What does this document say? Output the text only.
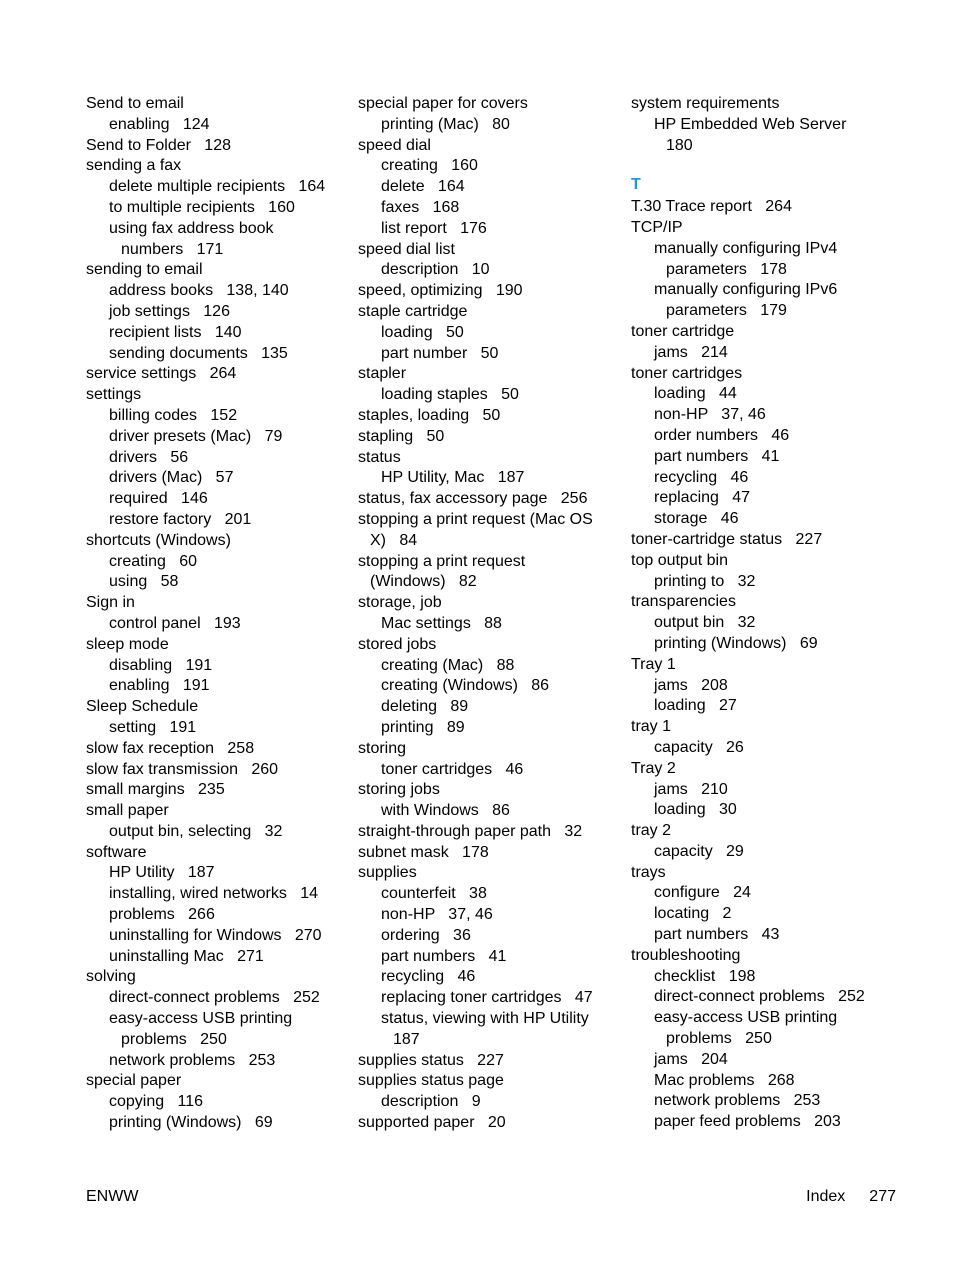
Send to email
enabling   124
Send to Folder   128
sending a fax
delete multiple recipients   164
to multiple recipients   160
using fax address book
numbers   171
sending to email
address books   138, 140
job settings   126
recipient lists   140
sending documents   135
service settings   264
settings
billing codes   152
driver presets (Mac)   79
drivers   56
drivers (Mac)   57
required   146
restore factory   201
shortcuts (Windows)
creating   60
using   58
Sign in
control panel   193
sleep mode
disabling   191
enabling   191
Sleep Schedule
setting   191
slow fax reception   258
slow fax transmission   260
small margins   235
small paper
output bin, selecting   32
software
HP Utility   187
installing, wired networks   14
problems   266
uninstalling for Windows   270
uninstalling Mac   271
solving
direct-connect problems   252
easy-access USB printing
problems   250
network problems   253
special paper
copying   116
printing (Windows)   69
special paper for covers
printing (Mac)   80
speed dial
creating   160
delete   164
faxes   168
list report   176
speed dial list
description   10
speed, optimizing   190
staple cartridge
loading   50
part number   50
stapler
loading staples   50
staples, loading   50
stapling   50
status
HP Utility, Mac   187
status, fax accessory page   256
stopping a print request (Mac OS
X)   84
stopping a print request
(Windows)   82
storage, job
Mac settings   88
stored jobs
creating (Mac)   88
creating (Windows)   86
deleting   89
printing   89
storing
toner cartridges   46
storing jobs
with Windows   86
straight-through paper path   32
subnet mask   178
supplies
counterfeit   38
non-HP   37, 46
ordering   36
part numbers   41
recycling   46
replacing toner cartridges   47
status, viewing with HP Utility
187
supplies status   227
supplies status page
description   9
supported paper   20
system requirements
HP Embedded Web Server
180
T
T.30 Trace report   264
TCP/IP
manually configuring IPv4
parameters   178
manually configuring IPv6
parameters   179
toner cartridge
jams   214
toner cartridges
loading   44
non-HP   37, 46
order numbers   46
part numbers   41
recycling   46
replacing   47
storage   46
toner-cartridge status   227
top output bin
printing to   32
transparencies
output bin   32
printing (Windows)   69
Tray 1
jams   208
loading   27
tray 1
capacity   26
Tray 2
jams   210
loading   30
tray 2
capacity   29
trays
configure   24
locating   2
part numbers   43
troubleshooting
checklist   198
direct-connect problems   252
easy-access USB printing
problems   250
jams   204
Mac problems   268
network problems   253
paper feed problems   203
ENWW	Index 277
